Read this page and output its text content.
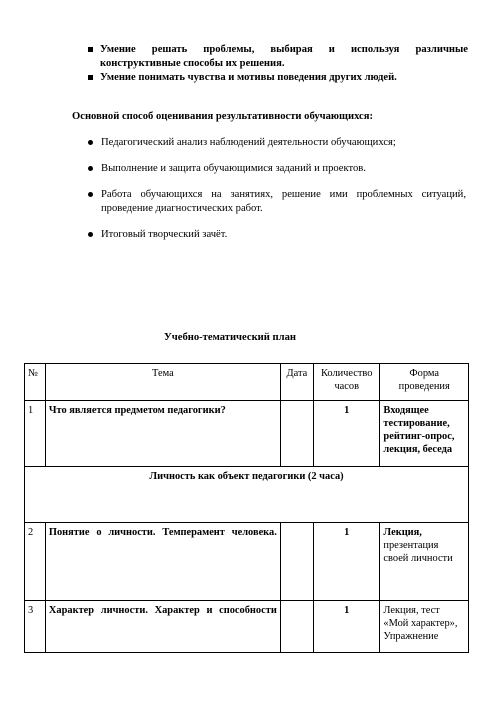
Умение решать проблемы, выбирая и используя различные конструктивные способы их решения.
Умение понимать чувства и мотивы поведения других людей.
Основной способ оценивания результативности обучающихся:
Педагогический анализ наблюдений деятельности обучающихся;
Выполнение и защита обучающимися заданий и проектов.
Работа обучающихся на занятиях, решение ими проблемных ситуаций, проведение диагностических работ.
Итоговый творческий зачёт.
Учебно-тематический план
№	Тема	Дата	Количество часов	Форма проведения
1	Что является предметом педагогики?		1	Входящее тестирование, рейтинг-опрос, лекция, беседа
Личность как объект педагогики (2 часа)				
2	Понятие о личности. Темперамент человека.		1	Лекция,
презентация своей личности
3	Характер личности. Характер и способности		1	Лекция, тест «Мой характер», Упражнение
